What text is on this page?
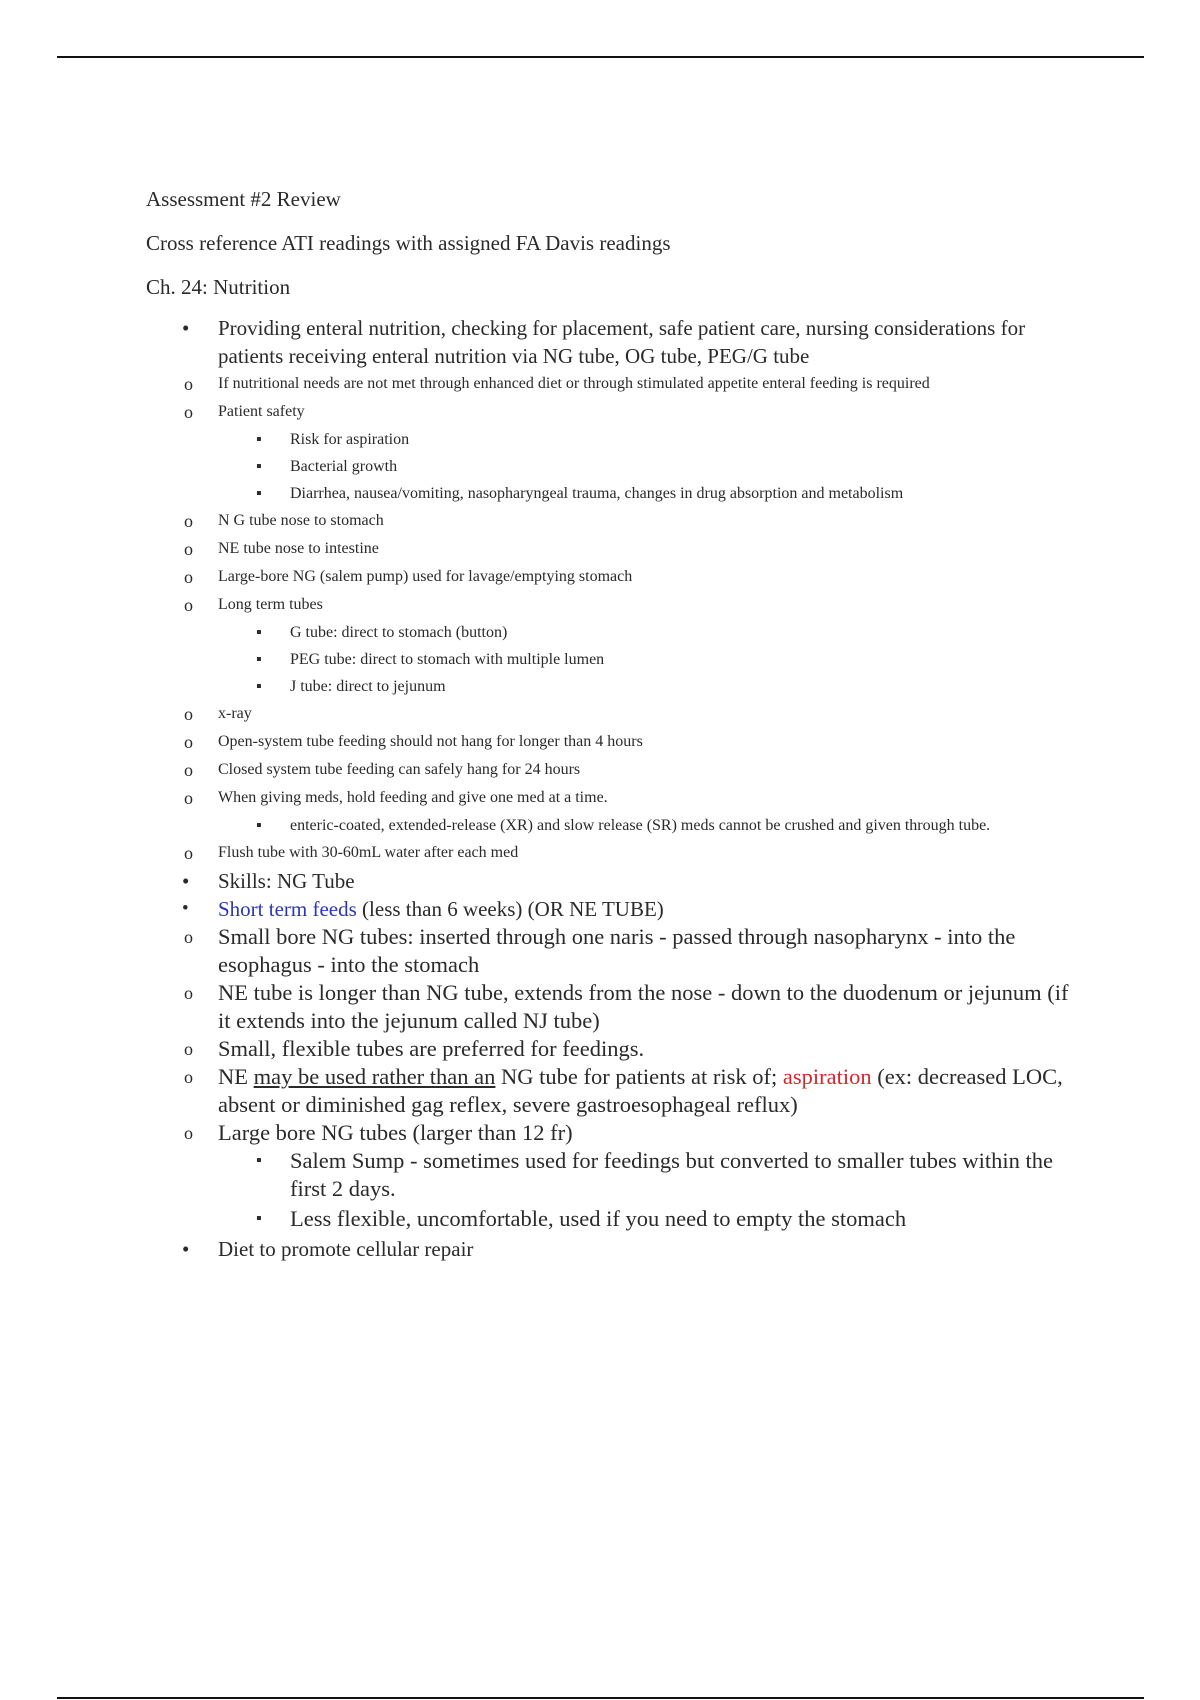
Assessment #2 Review

Cross reference ATI readings with assigned FA Davis readings

Ch. 24: Nutrition

• Providing enteral nutrition, checking for placement, safe patient care, nursing considerations for patients receiving enteral nutrition via NG tube, OG tube, PEG/G tube
o If nutritional needs are not met through enhanced diet or through stimulated appetite enteral feeding is required
o Patient safety
▪ Risk for aspiration
▪ Bacterial growth
▪ Diarrhea, nausea/vomiting, nasopharyngeal trauma, changes in drug absorption and metabolism
o N G tube nose to stomach
o NE tube nose to intestine
o Large-bore NG (salem pump) used for lavage/emptying stomach
o Long term tubes
▪ G tube: direct to stomach (button)
▪ PEG tube: direct to stomach with multiple lumen
▪ J tube: direct to jejunum
o x-ray
o Open-system tube feeding should not hang for longer than 4 hours
o Closed system tube feeding can safely hang for 24 hours
o When giving meds, hold feeding and give one med at a time.
▪ enteric-coated, extended-release (XR) and slow release (SR) meds cannot be crushed and given through tube.
o Flush tube with 30-60mL water after each med
• Skills: NG Tube
• Short term feeds (less than 6 weeks) (OR NE TUBE)
o Small bore NG tubes: inserted through one naris - passed through nasopharynx - into the esophagus - into the stomach
o NE tube is longer than NG tube, extends from the nose - down to the duodenum or jejunum (if it extends into the jejunum called NJ tube)
o Small, flexible tubes are preferred for feedings.
o NE may be used rather than an NG tube for patients at risk of; aspiration (ex: decreased LOC, absent or diminished gag reflex, severe gastroesophageal reflux)
o Large bore NG tubes (larger than 12 fr)
▪ Salem Sump - sometimes used for feedings but converted to smaller tubes within the first 2 days.
▪ Less flexible, uncomfortable, used if you need to empty the stomach
• Diet to promote cellular repair
